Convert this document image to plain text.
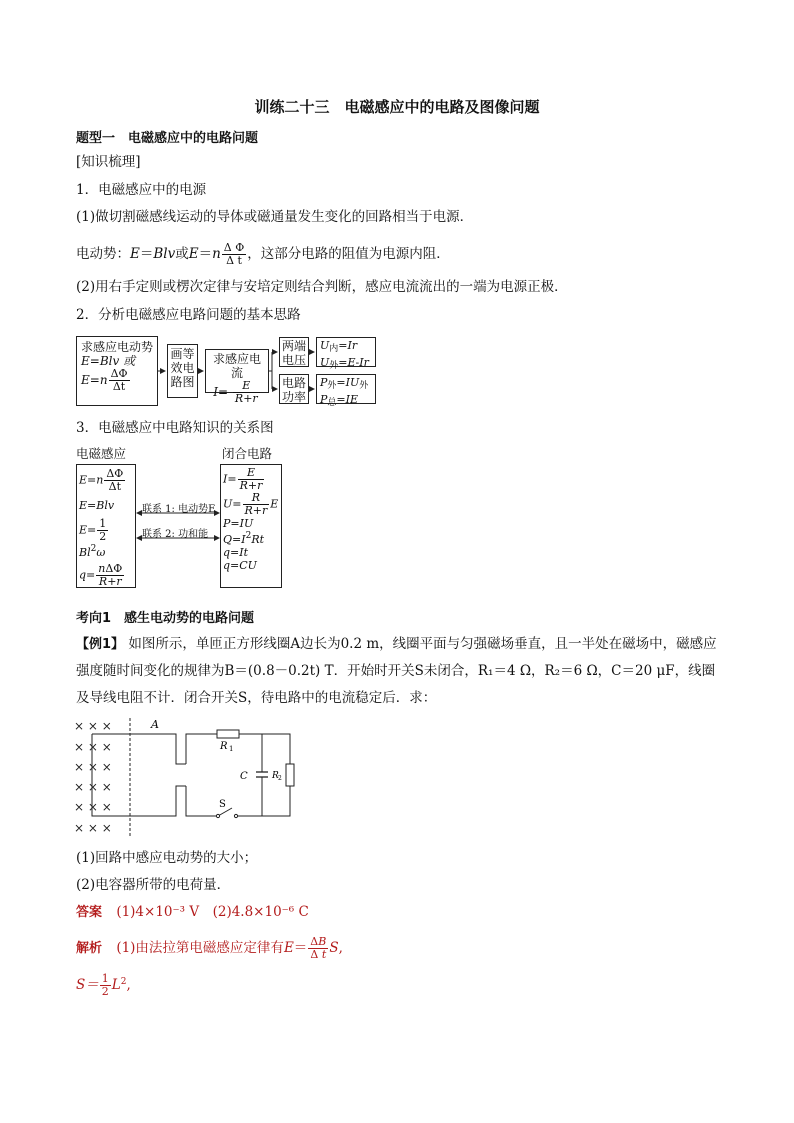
训练二十三　电磁感应中的电路及图像问题
题型一　电磁感应中的电路问题
[知识梳理]
1．电磁感应中的电源
(1)做切割磁感线运动的导体或磁通量发生变化的回路相当于电源．
电动势：E＝Blv或$E=n \frac{\text{Δ Φ}}{\text{Δ t}}$ ，这部分电路的阻值为电源内阻．
(2)用右手定则或楞次定律与安培定则结合判断，感应电流流出的一端为电源正极．
2．分析电磁感应电路问题的基本思路
求感应电动势
E=Blv 或
$E=n \frac{\Delta\Phi}{\Delta t}$
画等效电路图
求感应电流
$I= \frac{E}{R+r}$
两端电压
电路功率
$U_内=Ir$
$U_外=E-Ir$
$P_外=IU_外$
$P_总=IE$
3．电磁感应中电路知识的关系图
电磁感应	闭合电路
$E=n \frac{\Delta\Phi}{\Delta t}$
E=Blv
$E= \frac{1}{2}$
Bl$^2$ω
$q= \frac{\text{nΔΦ}}{R+r}$
$I= \frac{E}{R+r}$
$U= \frac{R}{R+r}$ E
P=IU
$Q=I^2Rt$
q=It
q=CU
联系 1: 电动势E
联系 2: 功和能
考向1　感生电动势的电路问题
【例1】 如图所示，单匝正方形线圈A边长为0.2 m，线圈平面与匀强磁场垂直，且一半处在磁场中，磁感应
强度随时间变化的规律为B＝(0.8－0.2t) T．开始时开关S未闭合，R₁＝4 Ω，R₂＝6 Ω，C＝20 μF，线圈
及导线电阻不计．闭合开关S，待电路中的电流稳定后．求：
× × ×
× × ×
× × ×
× × ×
× × ×
× × ×
A
R 1
S
C	R 2
(1)回路中感应电动势的大小；
(2)电容器所带的电荷量．
答案 (1)4×10⁻³ V　(2)4.8×10⁻⁶ C
解析 (1)由法拉第电磁感应定律有$E= \frac{\Delta B}{\text{Δ t}} S$,
$S= \frac{1}{2} L^2$,
